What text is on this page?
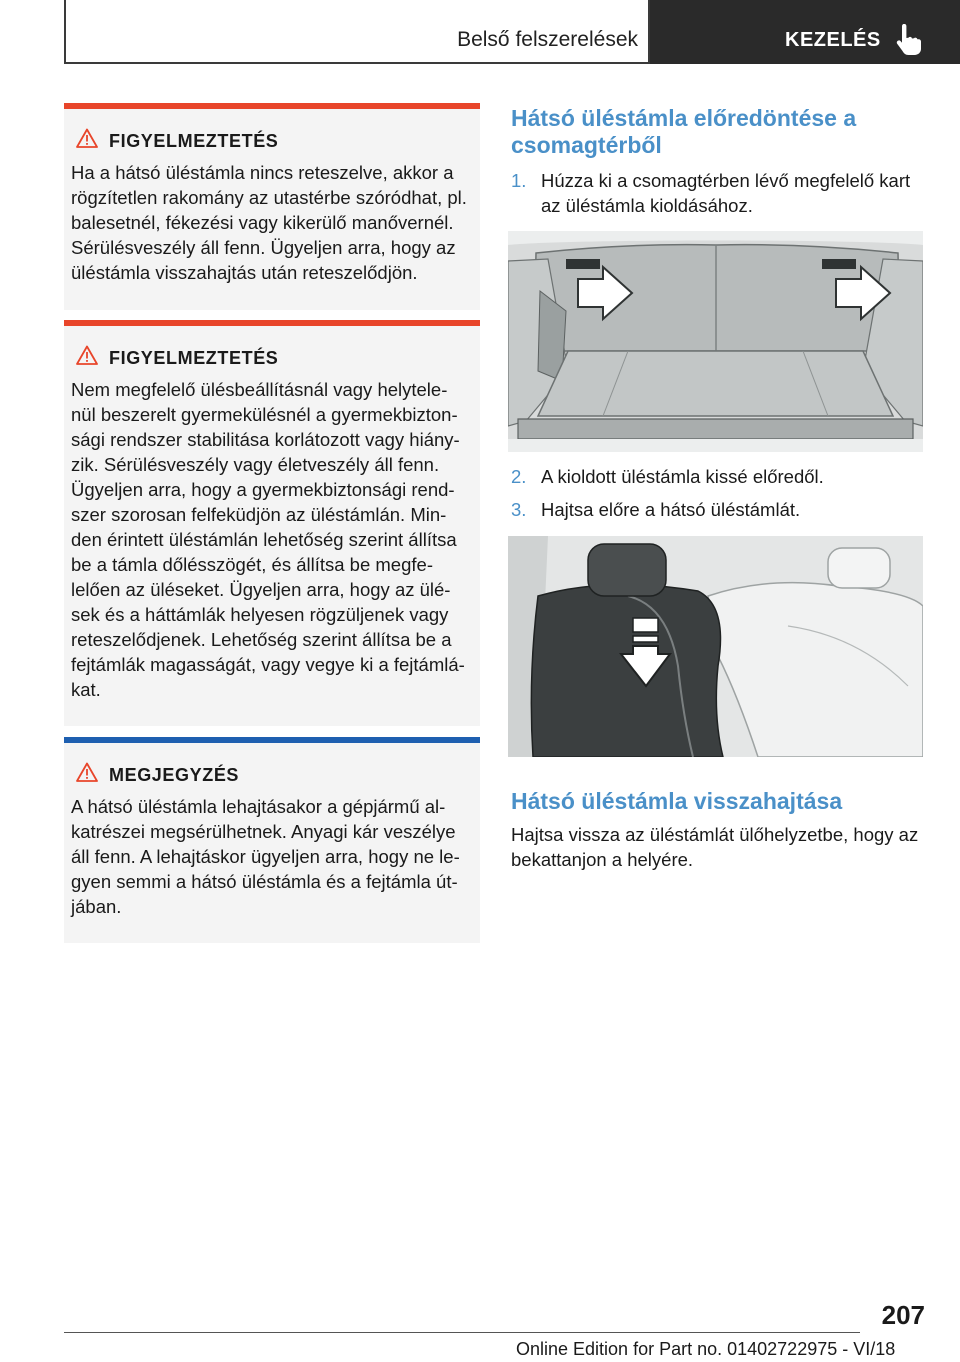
Belső felszerelések	KEZELÉS
FIGYELMEZTETÉS
Ha a hátsó üléstámla nincs reteszelve, akkor a
rögzítetlen rakomány az utastérbe szóródhat, pl.
balesetnél, fékezési vagy kikerülő manővernél.
Sérülésveszély áll fenn. Ügyeljen arra, hogy az
üléstámla visszahajtás után reteszelődjön.
FIGYELMEZTETÉS
Nem megfelelő ülésbeállításnál vagy helytele-
nül beszerelt gyermekülésnél a gyermekbizton-
sági rendszer stabilitása korlátozott vagy hiány-
zik. Sérülésveszély vagy életveszély áll fenn.
Ügyeljen arra, hogy a gyermekbiztonsági rend-
szer szorosan felfekü‌djön az üléstámlán. Min-
den érintett üléstámlán lehetőség szerint állítsa
be a támla dőlésszögét, és állítsa be megfe-
lelően az üléseket. Ügyeljen arra, hogy az ülé-
sek és a háttámlák helyesen rögzüljenek vagy
reteszelődjenek. Lehetőség szerint állítsa be a
fejtámlák magasságát, vagy vegye ki a fejtámlá-
kat.
MEGJEGYZÉS
A hátsó üléstámla lehajtásakor a gépjármű al-
katrészei megsérülhetnek. Anyagi kár veszélye
áll fenn. A lehajtáskor ügyeljen arra, hogy ne le-
gyen semmi a hátsó üléstámla és a fejtámla út-
jában.
Hátsó üléstámla előredöntése a
csomagtérből
1. Húzza ki a csomagtérben lévő megfelelő kart
az üléstámla kioldásához.
2. A kioldott üléstámla kissé előredől.
3. Hajtsa előre a hátsó üléstámlát.
Hátsó üléstámla visszahajtása
Hajtsa vissza az üléstámlát ülőhelyzetbe, hogy az
bekattanjon a helyére.
207
Online Edition for Part no. 01402722975 - VI/18
